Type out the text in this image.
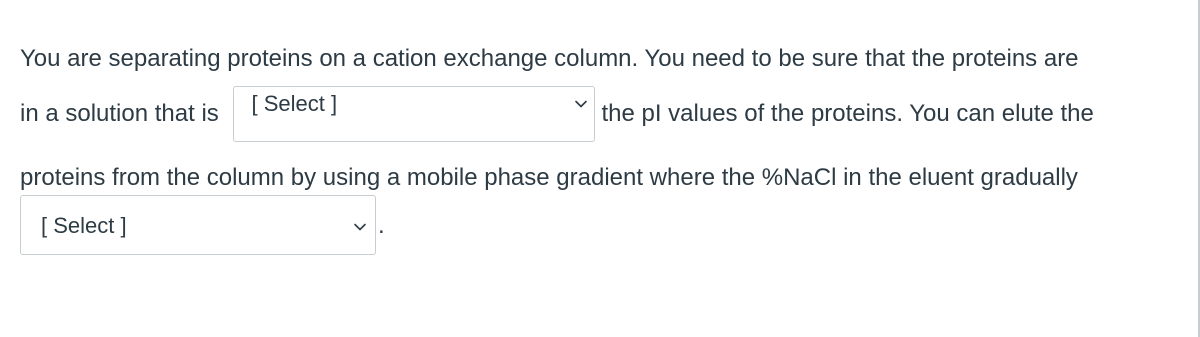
You are separating proteins on a cation exchange column. You need to be sure that the proteins are
in a solution that is [ Select ]	the pI values of the proteins. You can elute the
proteins from the column by using a mobile phase gradient where the %NaCl in the eluent gradually
[ Select ]	.
